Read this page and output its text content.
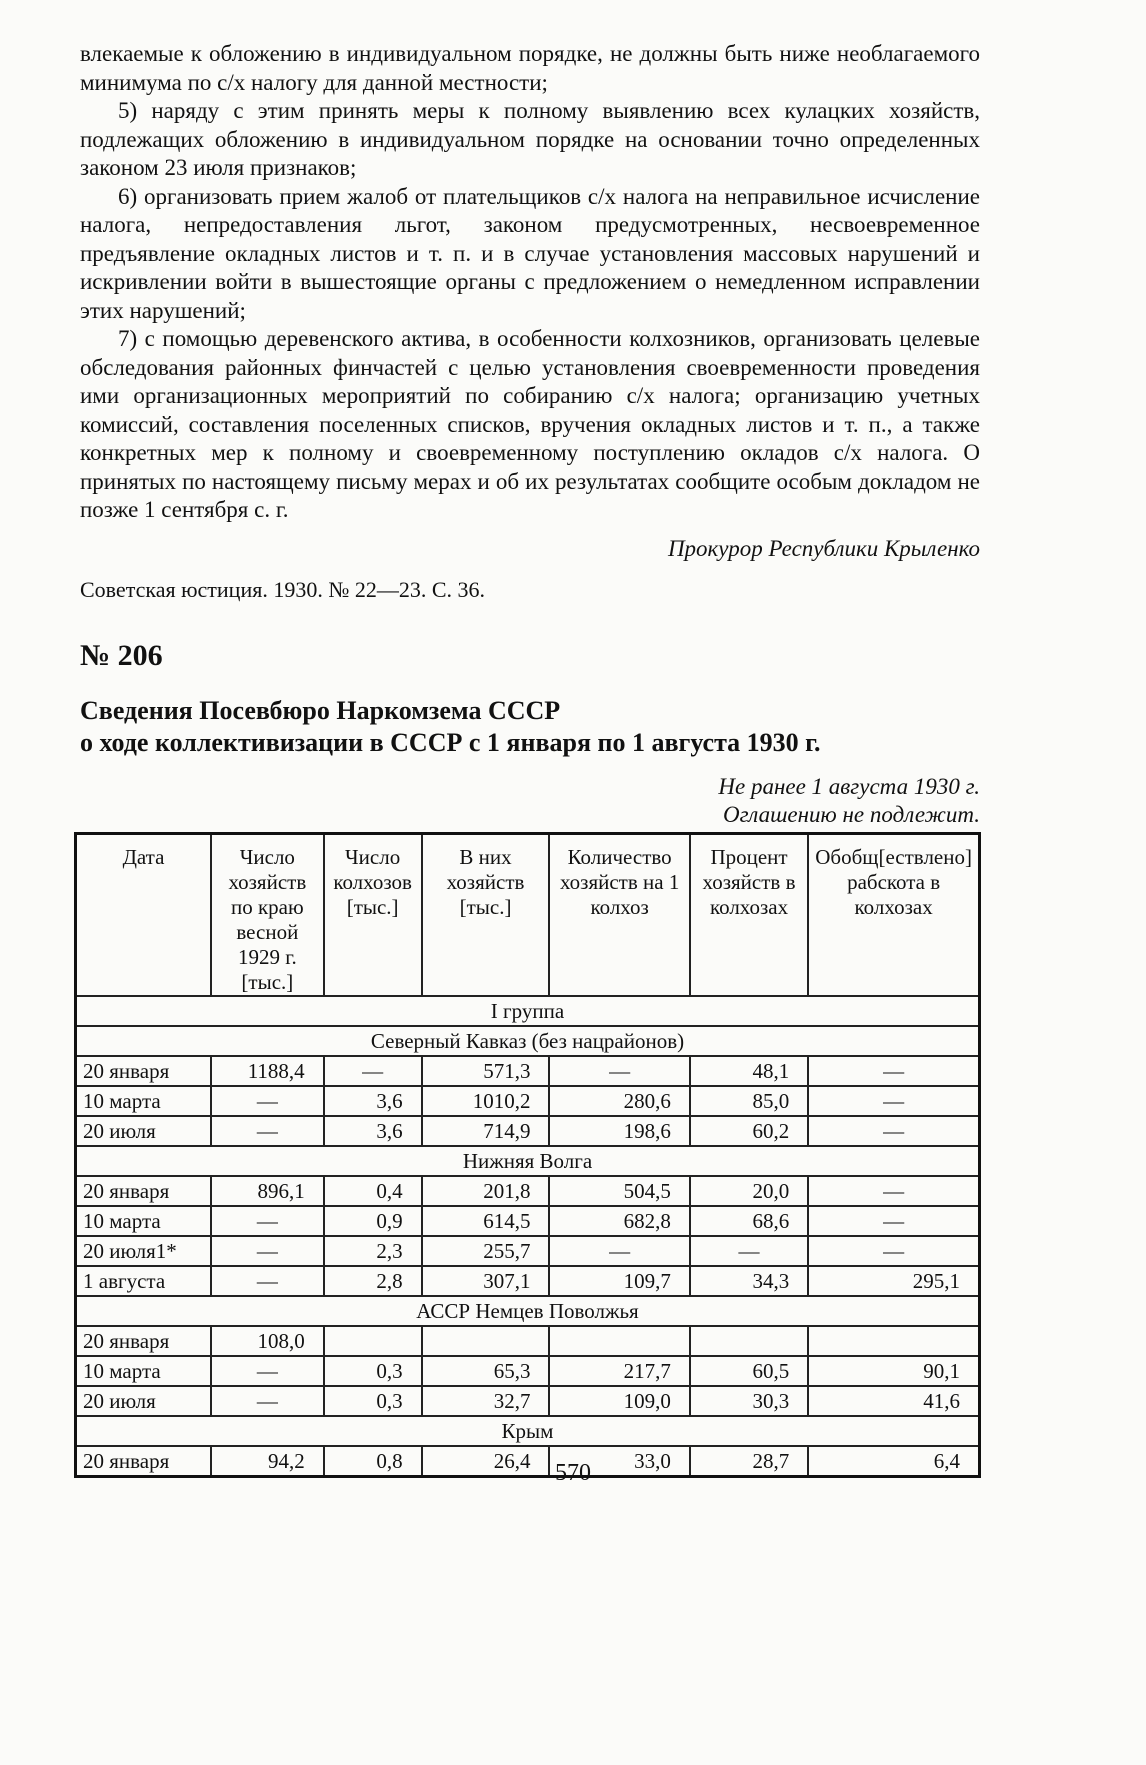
влекаемые к обложению в индивидуальном порядке, не должны быть ниже необлагаемого минимума по с/х налогу для данной местности;

5) наряду с этим принять меры к полному выявлению всех кулацких хозяйств, подлежащих обложению в индивидуальном порядке на основании точно определенных законом 23 июля признаков;

6) организовать прием жалоб от плательщиков с/х налога на неправильное исчисление налога, непредоставления льгот, законом предусмотренных, несвоевременное предъявление окладных листов и т. п. и в случае установления массовых нарушений и искривлении войти в вышестоящие органы с предложением о немедленном исправлении этих нарушений;

7) с помощью деревенского актива, в особенности колхозников, организовать целевые обследования районных финчастей с целью установления своевременности проведения ими организационных мероприятий по собиранию с/х налога; организацию учетных комиссий, составления поселенных списков, вручения окладных листов и т. п., а также конкретных мер к полному и своевременному поступлению окладов с/х налога. О принятых по настоящему письму мерах и об их результатах сообщите особым докладом не позже 1 сентября с. г.

Прокурор Республики Крыленко
Советская юстиция. 1930. № 22—23. С. 36.
№ 206
Сведения Посевбюро Наркомзема СССР
о ходе коллективизации в СССР с 1 января по 1 августа 1930 г.
Не ранее 1 августа 1930 г.
Оглашению не подлежит.
Дата	Число хозяйств по краю весной 1929 г. [тыс.]	Число колхозов [тыс.]	В них хозяйств [тыс.]	Количество хозяйств на 1 колхоз	Процент хозяйств в колхозах	Обобщ[ествлено] рабскота в колхозах
I группа						
Северный Кавказ (без нацрайонов)						
20 января	1188,4	—	571,3	—	48,1	—
10 марта	—	3,6	1010,2	280,6	85,0	—
20 июля	—	3,6	714,9	198,6	60,2	—
Нижняя Волга						
20 января	896,1	0,4	201,8	504,5	20,0	—
10 марта	—	0,9	614,5	682,8	68,6	—
20 июля1*	—	2,3	255,7	—	—	—
1 августа	—	2,8	307,1	109,7	34,3	295,1
АССР Немцев Поволжья						
20 января	108,0					
10 марта	—	0,3	65,3	217,7	60,5	90,1
20 июля	—	0,3	32,7	109,0	30,3	41,6
Крым						
20 января	94,2	0,8	26,4	33,0	28,7	6,4
570
